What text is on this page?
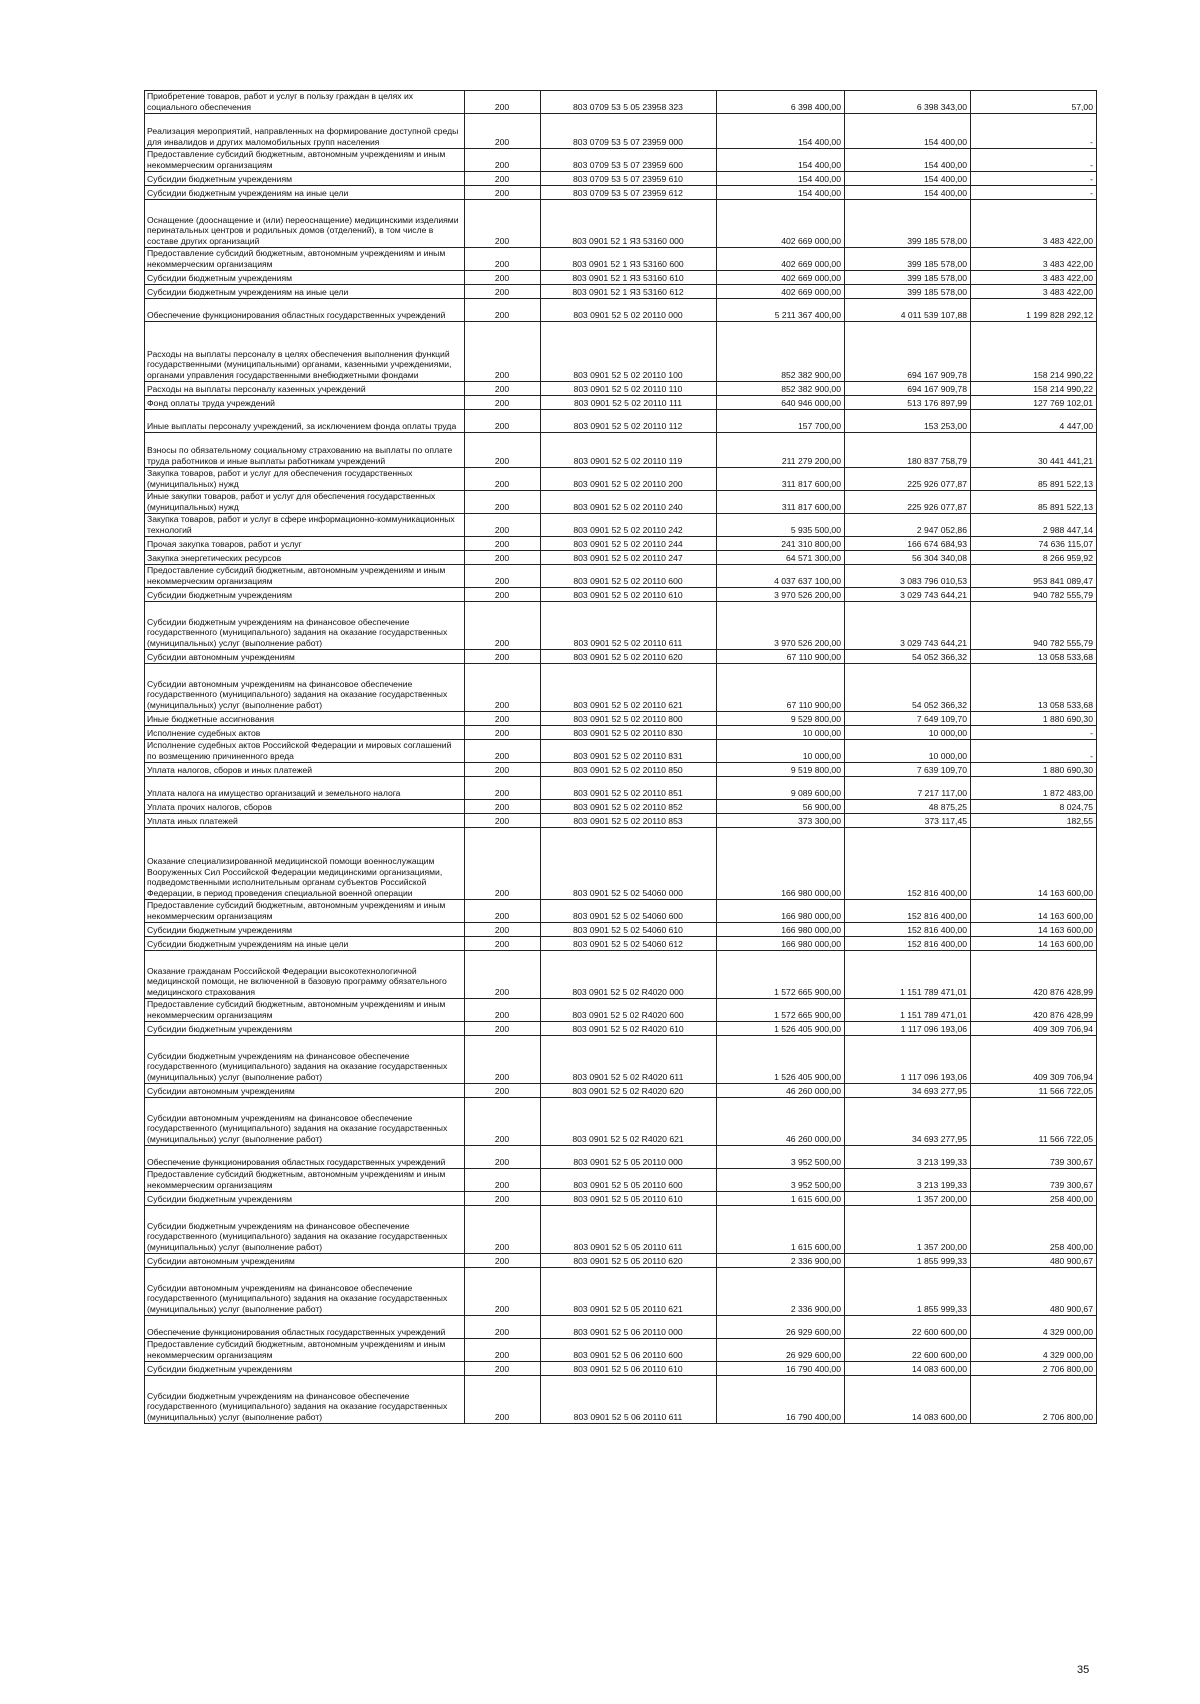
Приобретение товаров, работ и услуг в пользу граждан в целях их социального обеспечения	200	803 0709 53 5 05 23958 323	6 398 400,00	6 398 343,00	57,00
Реализация мероприятий, направленных на формирование доступной среды для инвалидов и других маломобильных групп населения	200	803 0709 53 5 07 23959 000	154 400,00	154 400,00	-
Предоставление субсидий бюджетным, автономным учреждениям и иным некоммерческим организациям	200	803 0709 53 5 07 23959 600	154 400,00	154 400,00	-
Субсидии бюджетным учреждениям	200	803 0709 53 5 07 23959 610	154 400,00	154 400,00	-
Субсидии бюджетным учреждениям на иные цели	200	803 0709 53 5 07 23959 612	154 400,00	154 400,00	-
Оснащение (дооснащение и (или) переоснащение) медицинскими изделиями перинатальных центров и родильных домов (отделений), в том числе в составе других организаций	200	803 0901 52 1 Я3 53160 000	402 669 000,00	399 185 578,00	3 483 422,00
Предоставление субсидий бюджетным, автономным учреждениям и иным некоммерческим организациям	200	803 0901 52 1 Я3 53160 600	402 669 000,00	399 185 578,00	3 483 422,00
Субсидии бюджетным учреждениям	200	803 0901 52 1 Я3 53160 610	402 669 000,00	399 185 578,00	3 483 422,00
Субсидии бюджетным учреждениям на иные цели	200	803 0901 52 1 Я3 53160 612	402 669 000,00	399 185 578,00	3 483 422,00
Обеспечение функционирования областных государственных учреждений	200	803 0901 52 5 02 20110 000	5 211 367 400,00	4 011 539 107,88	1 199 828 292,12
Расходы на выплаты персоналу в целях обеспечения выполнения функций государственными (муниципальными) органами, казенными учреждениями, органами управления государственными внебюджетными фондами	200	803 0901 52 5 02 20110 100	852 382 900,00	694 167 909,78	158 214 990,22
Расходы на выплаты персоналу казенных учреждений	200	803 0901 52 5 02 20110 110	852 382 900,00	694 167 909,78	158 214 990,22
Фонд оплаты труда учреждений	200	803 0901 52 5 02 20110 111	640 946 000,00	513 176 897,99	127 769 102,01
Иные выплаты персоналу учреждений, за исключением фонда оплаты труда	200	803 0901 52 5 02 20110 112	157 700,00	153 253,00	4 447,00
Взносы по обязательному социальному страхованию на выплаты по оплате труда работников и иные выплаты работникам учреждений	200	803 0901 52 5 02 20110 119	211 279 200,00	180 837 758,79	30 441 441,21
Закупка товаров, работ и услуг для обеспечения государственных (муниципальных) нужд	200	803 0901 52 5 02 20110 200	311 817 600,00	225 926 077,87	85 891 522,13
Иные закупки товаров, работ и услуг для обеспечения государственных (муниципальных) нужд	200	803 0901 52 5 02 20110 240	311 817 600,00	225 926 077,87	85 891 522,13
Закупка товаров, работ и услуг в сфере информационно-коммуникационных технологий	200	803 0901 52 5 02 20110 242	5 935 500,00	2 947 052,86	2 988 447,14
Прочая закупка товаров, работ и услуг	200	803 0901 52 5 02 20110 244	241 310 800,00	166 674 684,93	74 636 115,07
Закупка энергетических ресурсов	200	803 0901 52 5 02 20110 247	64 571 300,00	56 304 340,08	8 266 959,92
Предоставление субсидий бюджетным, автономным учреждениям и иным некоммерческим организациям	200	803 0901 52 5 02 20110 600	4 037 637 100,00	3 083 796 010,53	953 841 089,47
Субсидии бюджетным учреждениям	200	803 0901 52 5 02 20110 610	3 970 526 200,00	3 029 743 644,21	940 782 555,79
Субсидии бюджетным учреждениям на финансовое обеспечение государственного (муниципального) задания на оказание государственных (муниципальных) услуг (выполнение работ)	200	803 0901 52 5 02 20110 611	3 970 526 200,00	3 029 743 644,21	940 782 555,79
Субсидии автономным учреждениям	200	803 0901 52 5 02 20110 620	67 110 900,00	54 052 366,32	13 058 533,68
Субсидии автономным учреждениям на финансовое обеспечение государственного (муниципального) задания на оказание государственных (муниципальных) услуг (выполнение работ)	200	803 0901 52 5 02 20110 621	67 110 900,00	54 052 366,32	13 058 533,68
Иные бюджетные ассигнования	200	803 0901 52 5 02 20110 800	9 529 800,00	7 649 109,70	1 880 690,30
Исполнение судебных актов	200	803 0901 52 5 02 20110 830	10 000,00	10 000,00	-
Исполнение судебных актов Российской Федерации и мировых соглашений по возмещению причиненного вреда	200	803 0901 52 5 02 20110 831	10 000,00	10 000,00	-
Уплата налогов, сборов и иных платежей	200	803 0901 52 5 02 20110 850	9 519 800,00	7 639 109,70	1 880 690,30
Уплата налога на имущество организаций и земельного налога	200	803 0901 52 5 02 20110 851	9 089 600,00	7 217 117,00	1 872 483,00
Уплата прочих налогов, сборов	200	803 0901 52 5 02 20110 852	56 900,00	48 875,25	8 024,75
Уплата иных платежей	200	803 0901 52 5 02 20110 853	373 300,00	373 117,45	182,55
Оказание специализированной медицинской помощи военнослужащим Вооруженных Сил Российской Федерации медицинскими организациями, подведомственными исполнительным органам субъектов Российской Федерации, в период проведения специальной военной операции	200	803 0901 52 5 02 54060 000	166 980 000,00	152 816 400,00	14 163 600,00
Предоставление субсидий бюджетным, автономным учреждениям и иным некоммерческим организациям	200	803 0901 52 5 02 54060 600	166 980 000,00	152 816 400,00	14 163 600,00
Субсидии бюджетным учреждениям	200	803 0901 52 5 02 54060 610	166 980 000,00	152 816 400,00	14 163 600,00
Субсидии бюджетным учреждениям на иные цели	200	803 0901 52 5 02 54060 612	166 980 000,00	152 816 400,00	14 163 600,00
Оказание гражданам Российской Федерации высокотехнологичной медицинской помощи, не включенной в базовую программу обязательного медицинского страхования	200	803 0901 52 5 02 R4020 000	1 572 665 900,00	1 151 789 471,01	420 876 428,99
Предоставление субсидий бюджетным, автономным учреждениям и иным некоммерческим организациям	200	803 0901 52 5 02 R4020 600	1 572 665 900,00	1 151 789 471,01	420 876 428,99
Субсидии бюджетным учреждениям	200	803 0901 52 5 02 R4020 610	1 526 405 900,00	1 117 096 193,06	409 309 706,94
Субсидии бюджетным учреждениям на финансовое обеспечение государственного (муниципального) задания на оказание государственных (муниципальных) услуг (выполнение работ)	200	803 0901 52 5 02 R4020 611	1 526 405 900,00	1 117 096 193,06	409 309 706,94
Субсидии автономным учреждениям	200	803 0901 52 5 02 R4020 620	46 260 000,00	34 693 277,95	11 566 722,05
Субсидии автономным учреждениям на финансовое обеспечение государственного (муниципального) задания на оказание государственных (муниципальных) услуг (выполнение работ)	200	803 0901 52 5 02 R4020 621	46 260 000,00	34 693 277,95	11 566 722,05
Обеспечение функционирования областных государственных учреждений	200	803 0901 52 5 05 20110 000	3 952 500,00	3 213 199,33	739 300,67
Предоставление субсидий бюджетным, автономным учреждениям и иным некоммерческим организациям	200	803 0901 52 5 05 20110 600	3 952 500,00	3 213 199,33	739 300,67
Субсидии бюджетным учреждениям	200	803 0901 52 5 05 20110 610	1 615 600,00	1 357 200,00	258 400,00
Субсидии бюджетным учреждениям на финансовое обеспечение государственного (муниципального) задания на оказание государственных (муниципальных) услуг (выполнение работ)	200	803 0901 52 5 05 20110 611	1 615 600,00	1 357 200,00	258 400,00
Субсидии автономным учреждениям	200	803 0901 52 5 05 20110 620	2 336 900,00	1 855 999,33	480 900,67
Субсидии автономным учреждениям на финансовое обеспечение государственного (муниципального) задания на оказание государственных (муниципальных) услуг (выполнение работ)	200	803 0901 52 5 05 20110 621	2 336 900,00	1 855 999,33	480 900,67
Обеспечение функционирования областных государственных учреждений	200	803 0901 52 5 06 20110 000	26 929 600,00	22 600 600,00	4 329 000,00
Предоставление субсидий бюджетным, автономным учреждениям и иным некоммерческим организациям	200	803 0901 52 5 06 20110 600	26 929 600,00	22 600 600,00	4 329 000,00
Субсидии бюджетным учреждениям	200	803 0901 52 5 06 20110 610	16 790 400,00	14 083 600,00	2 706 800,00
Субсидии бюджетным учреждениям на финансовое обеспечение государственного (муниципального) задания на оказание государственных (муниципальных) услуг (выполнение работ)	200	803 0901 52 5 06 20110 611	16 790 400,00	14 083 600,00	2 706 800,00
35
